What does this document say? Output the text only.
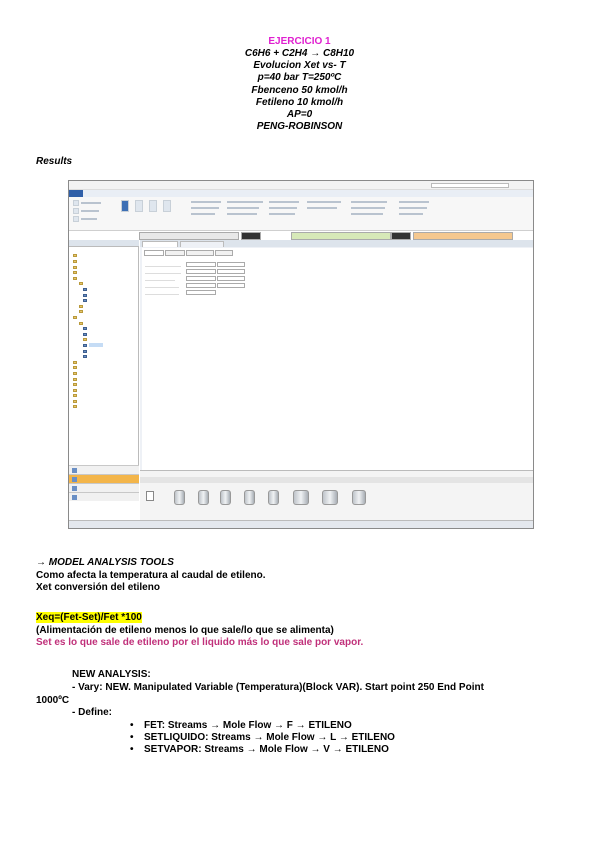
EJERCICIO 1
C6H6 + C2H4 → C8H10
Evolucion Xet vs- T
p=40 bar T=250ºC
Fbenceno 50 kmol/h
Fetileno 10 kmol/h
AP=0
PENG-ROBINSON
Results
→ MODEL ANALYSIS TOOLS
Como afecta la temperatura al caudal de etileno.
Xet conversión del etileno
Xeq=(Fet-Set)/Fet *100
(Alimentación de etileno menos lo que sale/lo que se alimenta)
Set es lo que sale de etileno por el liquido más lo que sale por vapor.
NEW ANALYSIS:
- Vary: NEW. Manipulated Variable (Temperatura)(Block VAR). Start point 250 End Point
1000ºC
- Define:
• FET: Streams → Mole Flow → F → ETILENO
• SETLIQUIDO: Streams → Mole Flow → L → ETILENO
• SETVAPOR: Streams → Mole Flow → V → ETILENO
